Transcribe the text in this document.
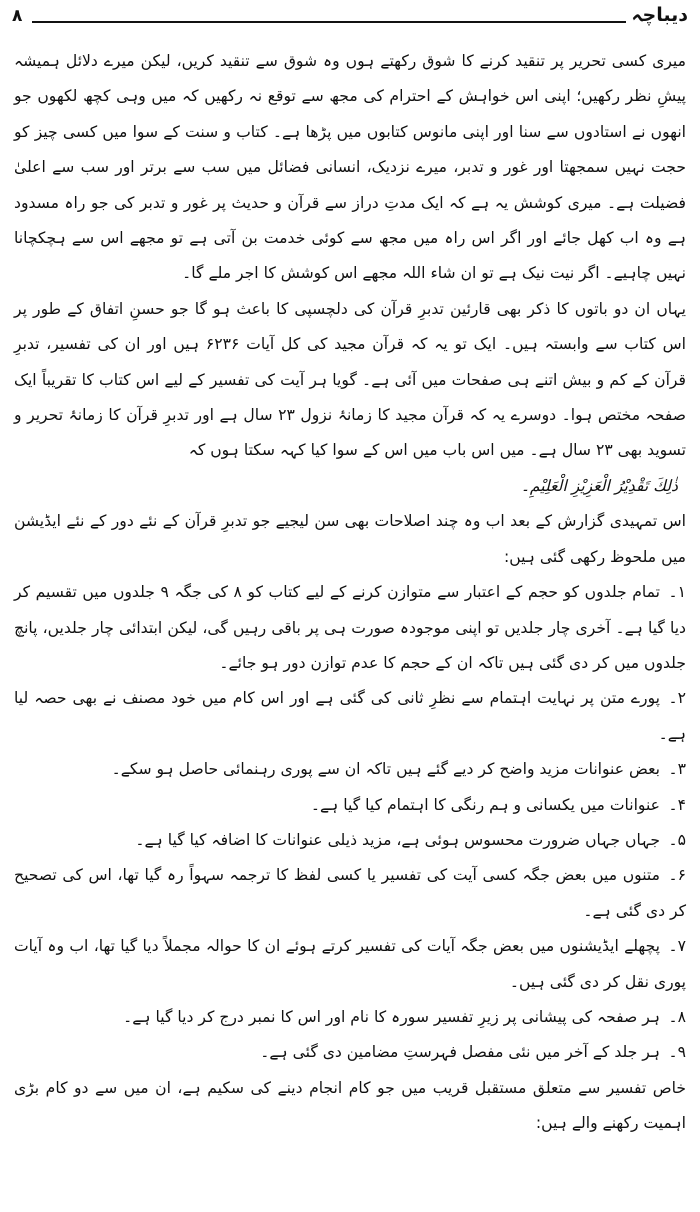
۸	دیباچہ

میری کسی تحریر پر تنقید کرنے کا شوق رکھتے ہوں وہ شوق سے تنقید کریں، لیکن میرے دلائل ہمیشہ پیشِ نظر رکھیں؛ اپنی اس خواہش کے احترام کی مجھ سے توقع نہ رکھیں کہ میں وہی کچھ لکھوں جو انھوں نے استادوں سے سنا اور اپنی مانوس کتابوں میں پڑھا ہے۔ کتاب و سنت کے سوا میں کسی چیز کو حجت نہیں سمجھتا اور غور و تدبر، میرے نزدیک، انسانی فضائل میں سب سے برتر اور سب سے اعلیٰ فضیلت ہے۔ میری کوشش یہ ہے کہ ایک مدتِ دراز سے قرآن و حدیث پر غور و تدبر کی جو راہ مسدود ہے وہ اب کھل جائے اور اگر اس راہ میں مجھ سے کوئی خدمت بن آتی ہے تو مجھے اس سے ہچکچانا نہیں چاہیے۔ اگر نیت نیک ہے تو ان شاء اللہ مجھے اس کوشش کا اجر ملے گا۔

یہاں ان دو باتوں کا ذکر بھی قارئین تدبرِ قرآن کی دلچسپی کا باعث ہو گا جو حسنِ اتفاق کے طور پر اس کتاب سے وابستہ ہیں۔ ایک تو یہ کہ قرآن مجید کی کل آیات ۶۲۳۶ ہیں اور ان کی تفسیر، تدبرِ قرآن کے کم و بیش اتنے ہی صفحات میں آئی ہے۔ گویا ہر آیت کی تفسیر کے لیے اس کتاب کا تقریباً ایک صفحہ مختص ہوا۔ دوسرے یہ کہ قرآن مجید کا زمانۂ نزول ۲۳ سال ہے اور تدبرِ قرآن کا زمانۂ تحریر و تسوید بھی ۲۳ سال ہے۔ میں اس باب میں اس کے سوا کیا کہہ سکتا ہوں کہ

ذٰلِكَ تَقْدِيْرُ الْعَزِيْزِ الْعَلِيْمِ۔

اس تمہیدی گزارش کے بعد اب وہ چند اصلاحات بھی سن لیجیے جو تدبرِ قرآن کے نئے دور کے نئے ایڈیشن میں ملحوظ رکھی گئی ہیں:

۱۔تمام جلدوں کو حجم کے اعتبار سے متوازن کرنے کے لیے کتاب کو ۸ کی جگہ ۹ جلدوں میں تقسیم کر دیا گیا ہے۔ آخری چار جلدیں تو اپنی موجودہ صورت ہی پر باقی رہیں گی، لیکن ابتدائی چار جلدیں، پانچ جلدوں میں کر دی گئی ہیں تاکہ ان کے حجم کا عدم توازن دور ہو جائے۔
۲۔پورے متن پر نہایت اہتمام سے نظرِ ثانی کی گئی ہے اور اس کام میں خود مصنف نے بھی حصہ لیا ہے۔
۳۔بعض عنوانات مزید واضح کر دیے گئے ہیں تاکہ ان سے پوری رہنمائی حاصل ہو سکے۔
۴۔عنوانات میں یکسانی و ہم رنگی کا اہتمام کیا گیا ہے۔
۵۔جہاں جہاں ضرورت محسوس ہوئی ہے، مزید ذیلی عنوانات کا اضافہ کیا گیا ہے۔
۶۔متنوں میں بعض جگہ کسی آیت کی تفسیر یا کسی لفظ کا ترجمہ سہواً رہ گیا تھا، اس کی تصحیح کر دی گئی ہے۔
۷۔پچھلے ایڈیشنوں میں بعض جگہ آیات کی تفسیر کرتے ہوئے ان کا حوالہ مجملاً دیا گیا تھا، اب وہ آیات پوری نقل کر دی گئی ہیں۔
۸۔ہر صفحہ کی پیشانی پر زیرِ تفسیر سورہ کا نام اور اس کا نمبر درج کر دیا گیا ہے۔
۹۔ہر جلد کے آخر میں نئی مفصل فہرستِ مضامین دی گئی ہے۔

خاص تفسیر سے متعلق مستقبل قریب میں جو کام انجام دینے کی سکیم ہے، ان میں سے دو کام بڑی اہمیت رکھنے والے ہیں:
